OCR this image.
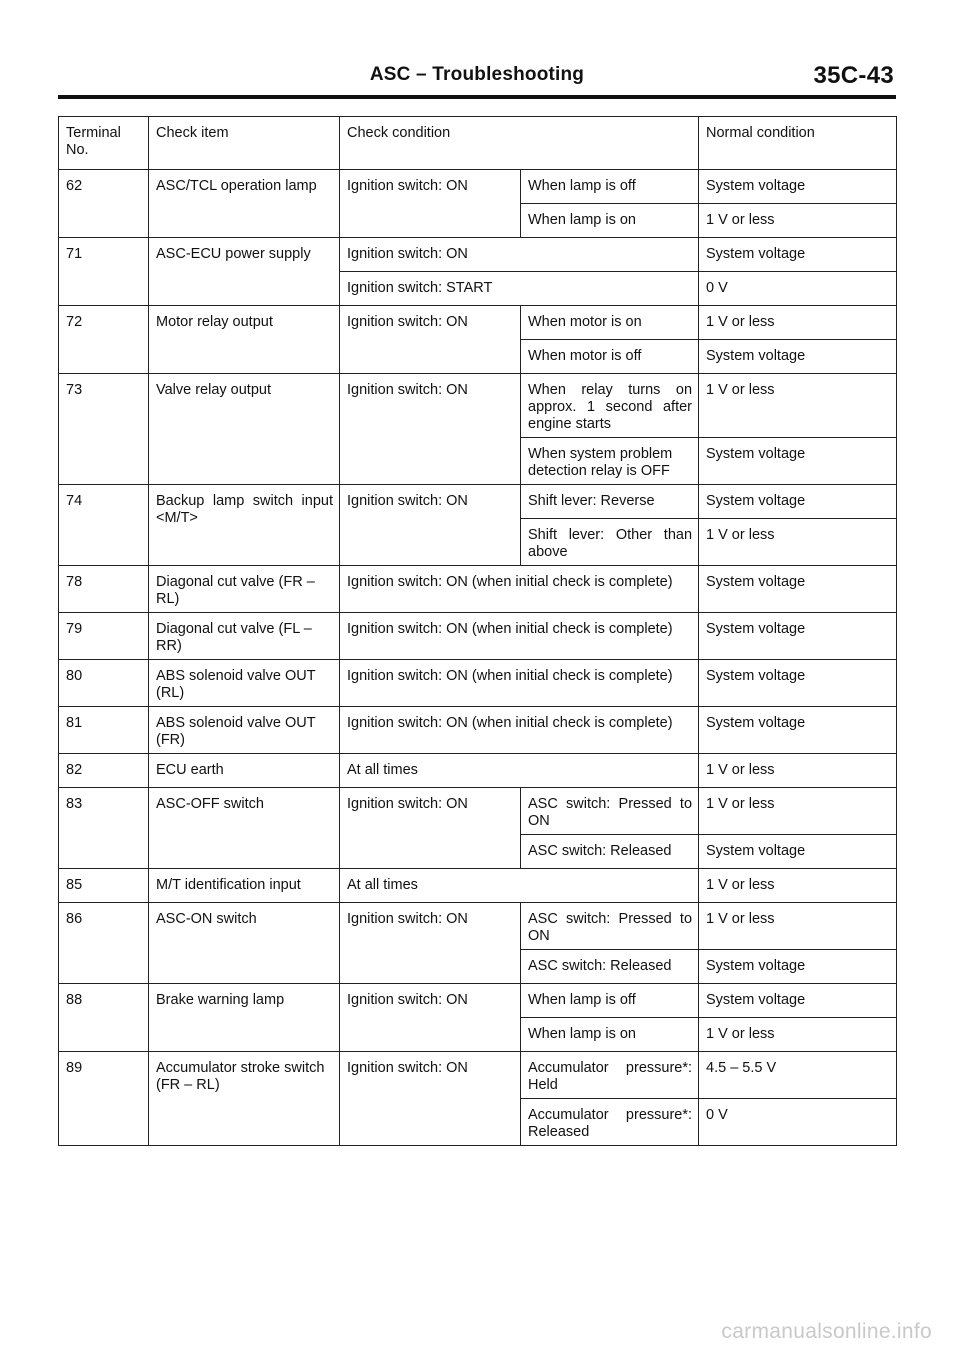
ASC – Troubleshooting	35C-43
Terminal No.	Check item	Check condition		Normal condition
62	ASC/TCL operation lamp	Ignition switch: ON	When lamp is off	System voltage
			When lamp is on	1 V or less
71	ASC-ECU power supply	Ignition switch: ON		System voltage
		Ignition switch: START		0 V
72	Motor relay output	Ignition switch: ON	When motor is on	1 V or less
			When motor is off	System voltage
73	Valve relay output	Ignition switch: ON	When relay turns on approx. 1 second after engine starts	1 V or less
			When system problem detection relay is OFF	System voltage
74	Backup lamp switch input <M/T>	Ignition switch: ON	Shift lever: Reverse	System voltage
			Shift lever: Other than above	1 V or less
78	Diagonal cut valve (FR – RL)	Ignition switch: ON (when initial check is complete)		System voltage
79	Diagonal cut valve (FL – RR)	Ignition switch: ON (when initial check is complete)		System voltage
80	ABS solenoid valve OUT (RL)	Ignition switch: ON (when initial check is complete)		System voltage
81	ABS solenoid valve OUT (FR)	Ignition switch: ON (when initial check is complete)		System voltage
82	ECU earth	At all times		1 V or less
83	ASC-OFF switch	Ignition switch: ON	ASC switch: Pressed to ON	1 V or less
			ASC switch: Released	System voltage
85	M/T identification input	At all times		1 V or less
86	ASC-ON switch	Ignition switch: ON	ASC switch: Pressed to ON	1 V or less
			ASC switch: Released	System voltage
88	Brake warning lamp	Ignition switch: ON	When lamp is off	System voltage
			When lamp is on	1 V or less
89	Accumulator stroke switch (FR – RL)	Ignition switch: ON	Accumulator pressure*: Held	4.5 – 5.5 V
			Accumulator pressure*: Released	0 V
carmanualsonline.info
